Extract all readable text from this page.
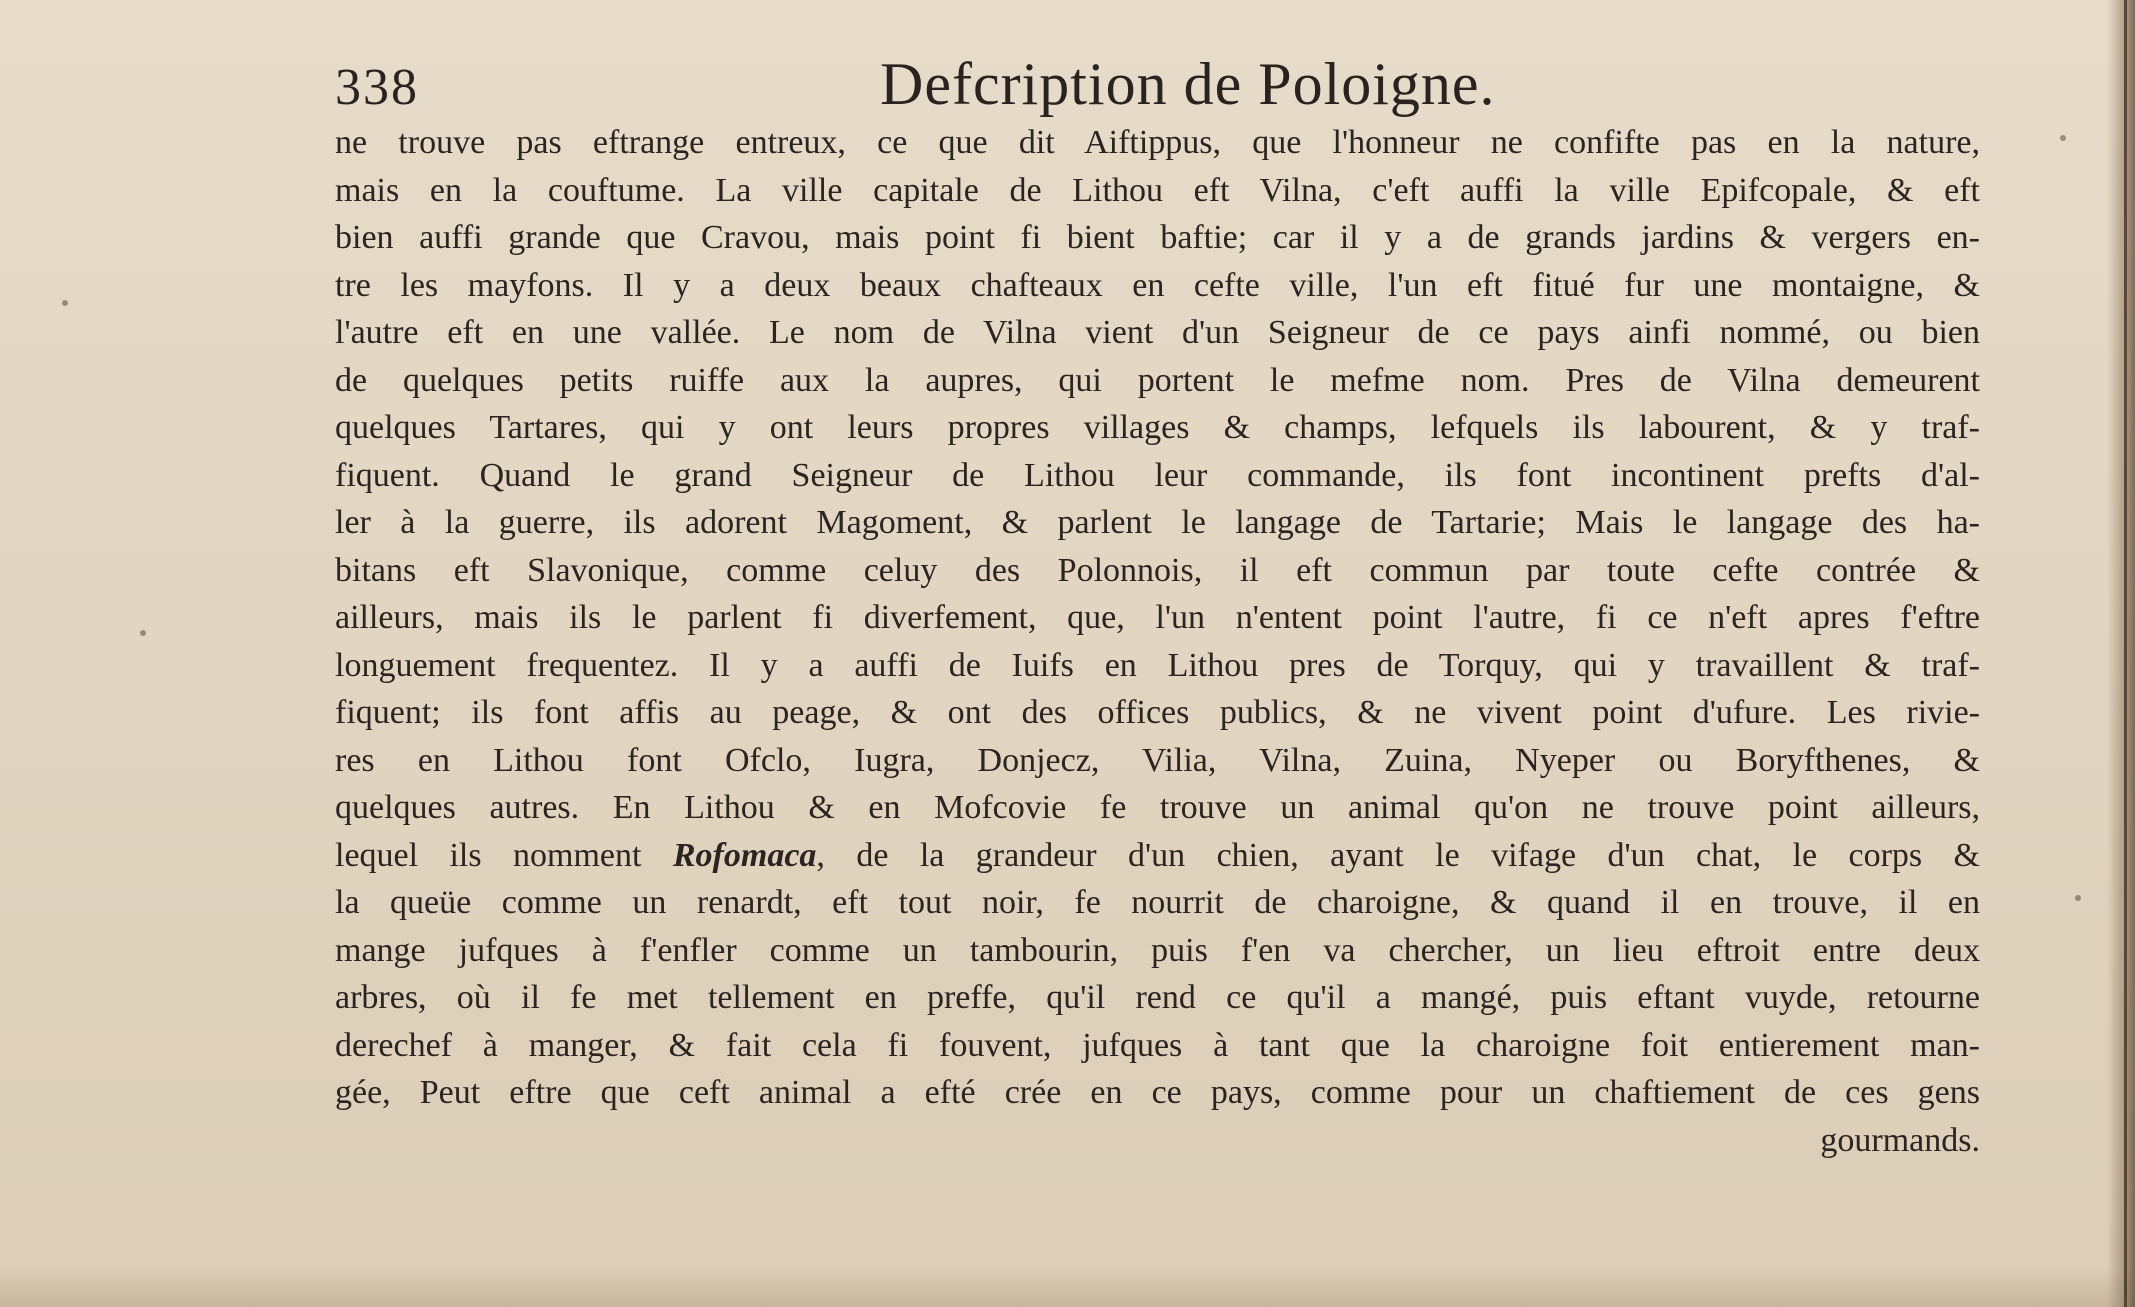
338	Defcription de Poloigne.
ne trouve pas eftrange entreux, ce que dit Aiftippus, que l'honneur ne confifte pas en la nature,
mais en la couftume. La ville capitale de Lithou eft Vilna, c'eft auffi la ville Epifcopale, & eft
bien auffi grande que Cravou, mais point fi bient baftie; car il y a de grands jardins & vergers en-
tre les mayfons. Il y a deux beaux chafteaux en cefte ville, l'un eft fitué fur une montaigne, &
l'autre eft en une vallée. Le nom de Vilna vient d'un Seigneur de ce pays ainfi nommé, ou bien
de quelques petits ruiffe aux la aupres, qui portent le mefme nom. Pres de Vilna demeurent
quelques Tartares, qui y ont leurs propres villages & champs, lefquels ils labourent, & y traf-
fiquent. Quand le grand Seigneur de Lithou leur commande, ils font incontinent prefts d'al-
ler à la guerre, ils adorent Magoment, & parlent le langage de Tartarie; Mais le langage des ha-
bitans eft Slavonique, comme celuy des Polonnois, il eft commun par toute cefte contrée &
ailleurs, mais ils le parlent fi diverfement, que, l'un n'entent point l'autre, fi ce n'eft apres f'eftre
longuement frequentez. Il y a auffi de Iuifs en Lithou pres de Torquy, qui y travaillent & traf-
fiquent; ils font affis au peage, & ont des offices publics, & ne vivent point d'ufure. Les rivie-
res en Lithou font Ofclo, Iugra, Donjecz, Vilia, Vilna, Zuina, Nyeper ou Boryfthenes, &
quelques autres. En Lithou & en Mofcovie fe trouve un animal qu'on ne trouve point ailleurs,
lequel ils nomment Rofomaca, de la grandeur d'un chien, ayant le vifage d'un chat, le corps &
la queüe comme un renardt, eft tout noir, fe nourrit de charoigne, & quand il en trouve, il en
mange jufques à f'enfler comme un tambourin, puis f'en va chercher, un lieu eftroit entre deux
arbres, où il fe met tellement en preffe, qu'il rend ce qu'il a mangé, puis eftant vuyde, retourne
derechef à manger, & fait cela fi fouvent, jufques à tant que la charoigne foit entierement man-
gée, Peut eftre que ceft animal a efté crée en ce pays, comme pour un chaftiement de ces gens
gourmands.
